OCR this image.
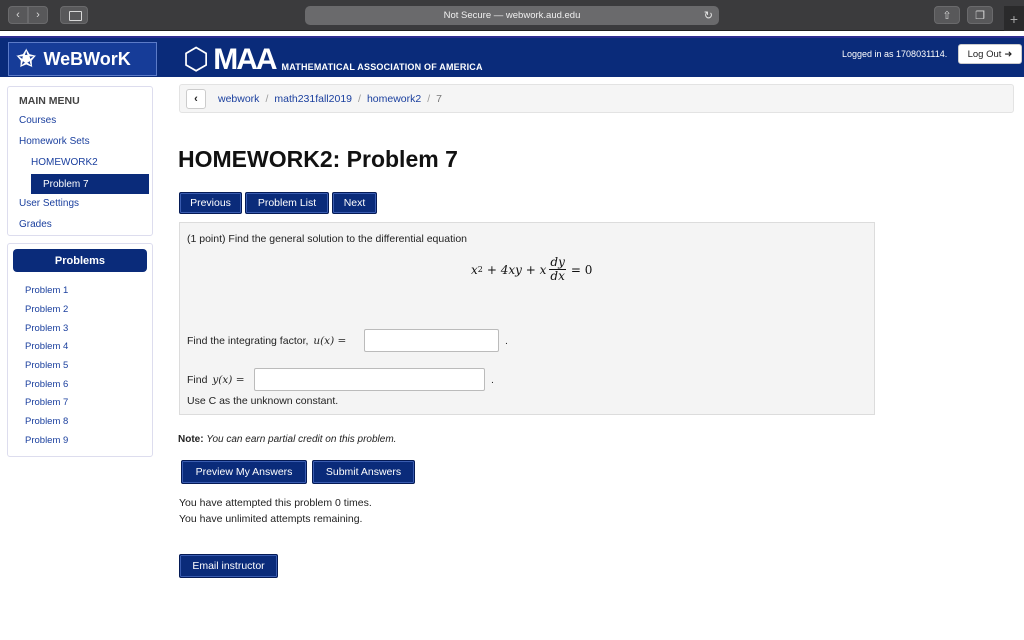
‹	›	Not Secure — webwork.aud.edu	↻	⇧	❐	+
✬ WeBWorK ⬡ MAA MATHEMATICAL ASSOCIATION OF AMERICA
Logged in as 1708031114. Log Out ➜
MAIN MENU
Courses
Homework Sets
HOMEWORK2
Problem 7
User Settings
Grades
Problems
Problem 1
Problem 2
Problem 3
Problem 4
Problem 5
Problem 6
Problem 7
Problem 8
Problem 9
‹	webwork / math231fall2019 / homework2 / 7
HOMEWORK2: Problem 7
Previous	Problem List	Next
(1 point) Find the general solution to the differential equation
x 2 + 4xy + x $\frac{dy}{dx} = 0$
Find the integrating factor, u(x) =	.
Find y(x) =	.
Use C as the unknown constant.
Note: You can earn partial credit on this problem.
Preview My Answers	Submit Answers
You have attempted this problem 0 times.
You have unlimited attempts remaining.
Email instructor
